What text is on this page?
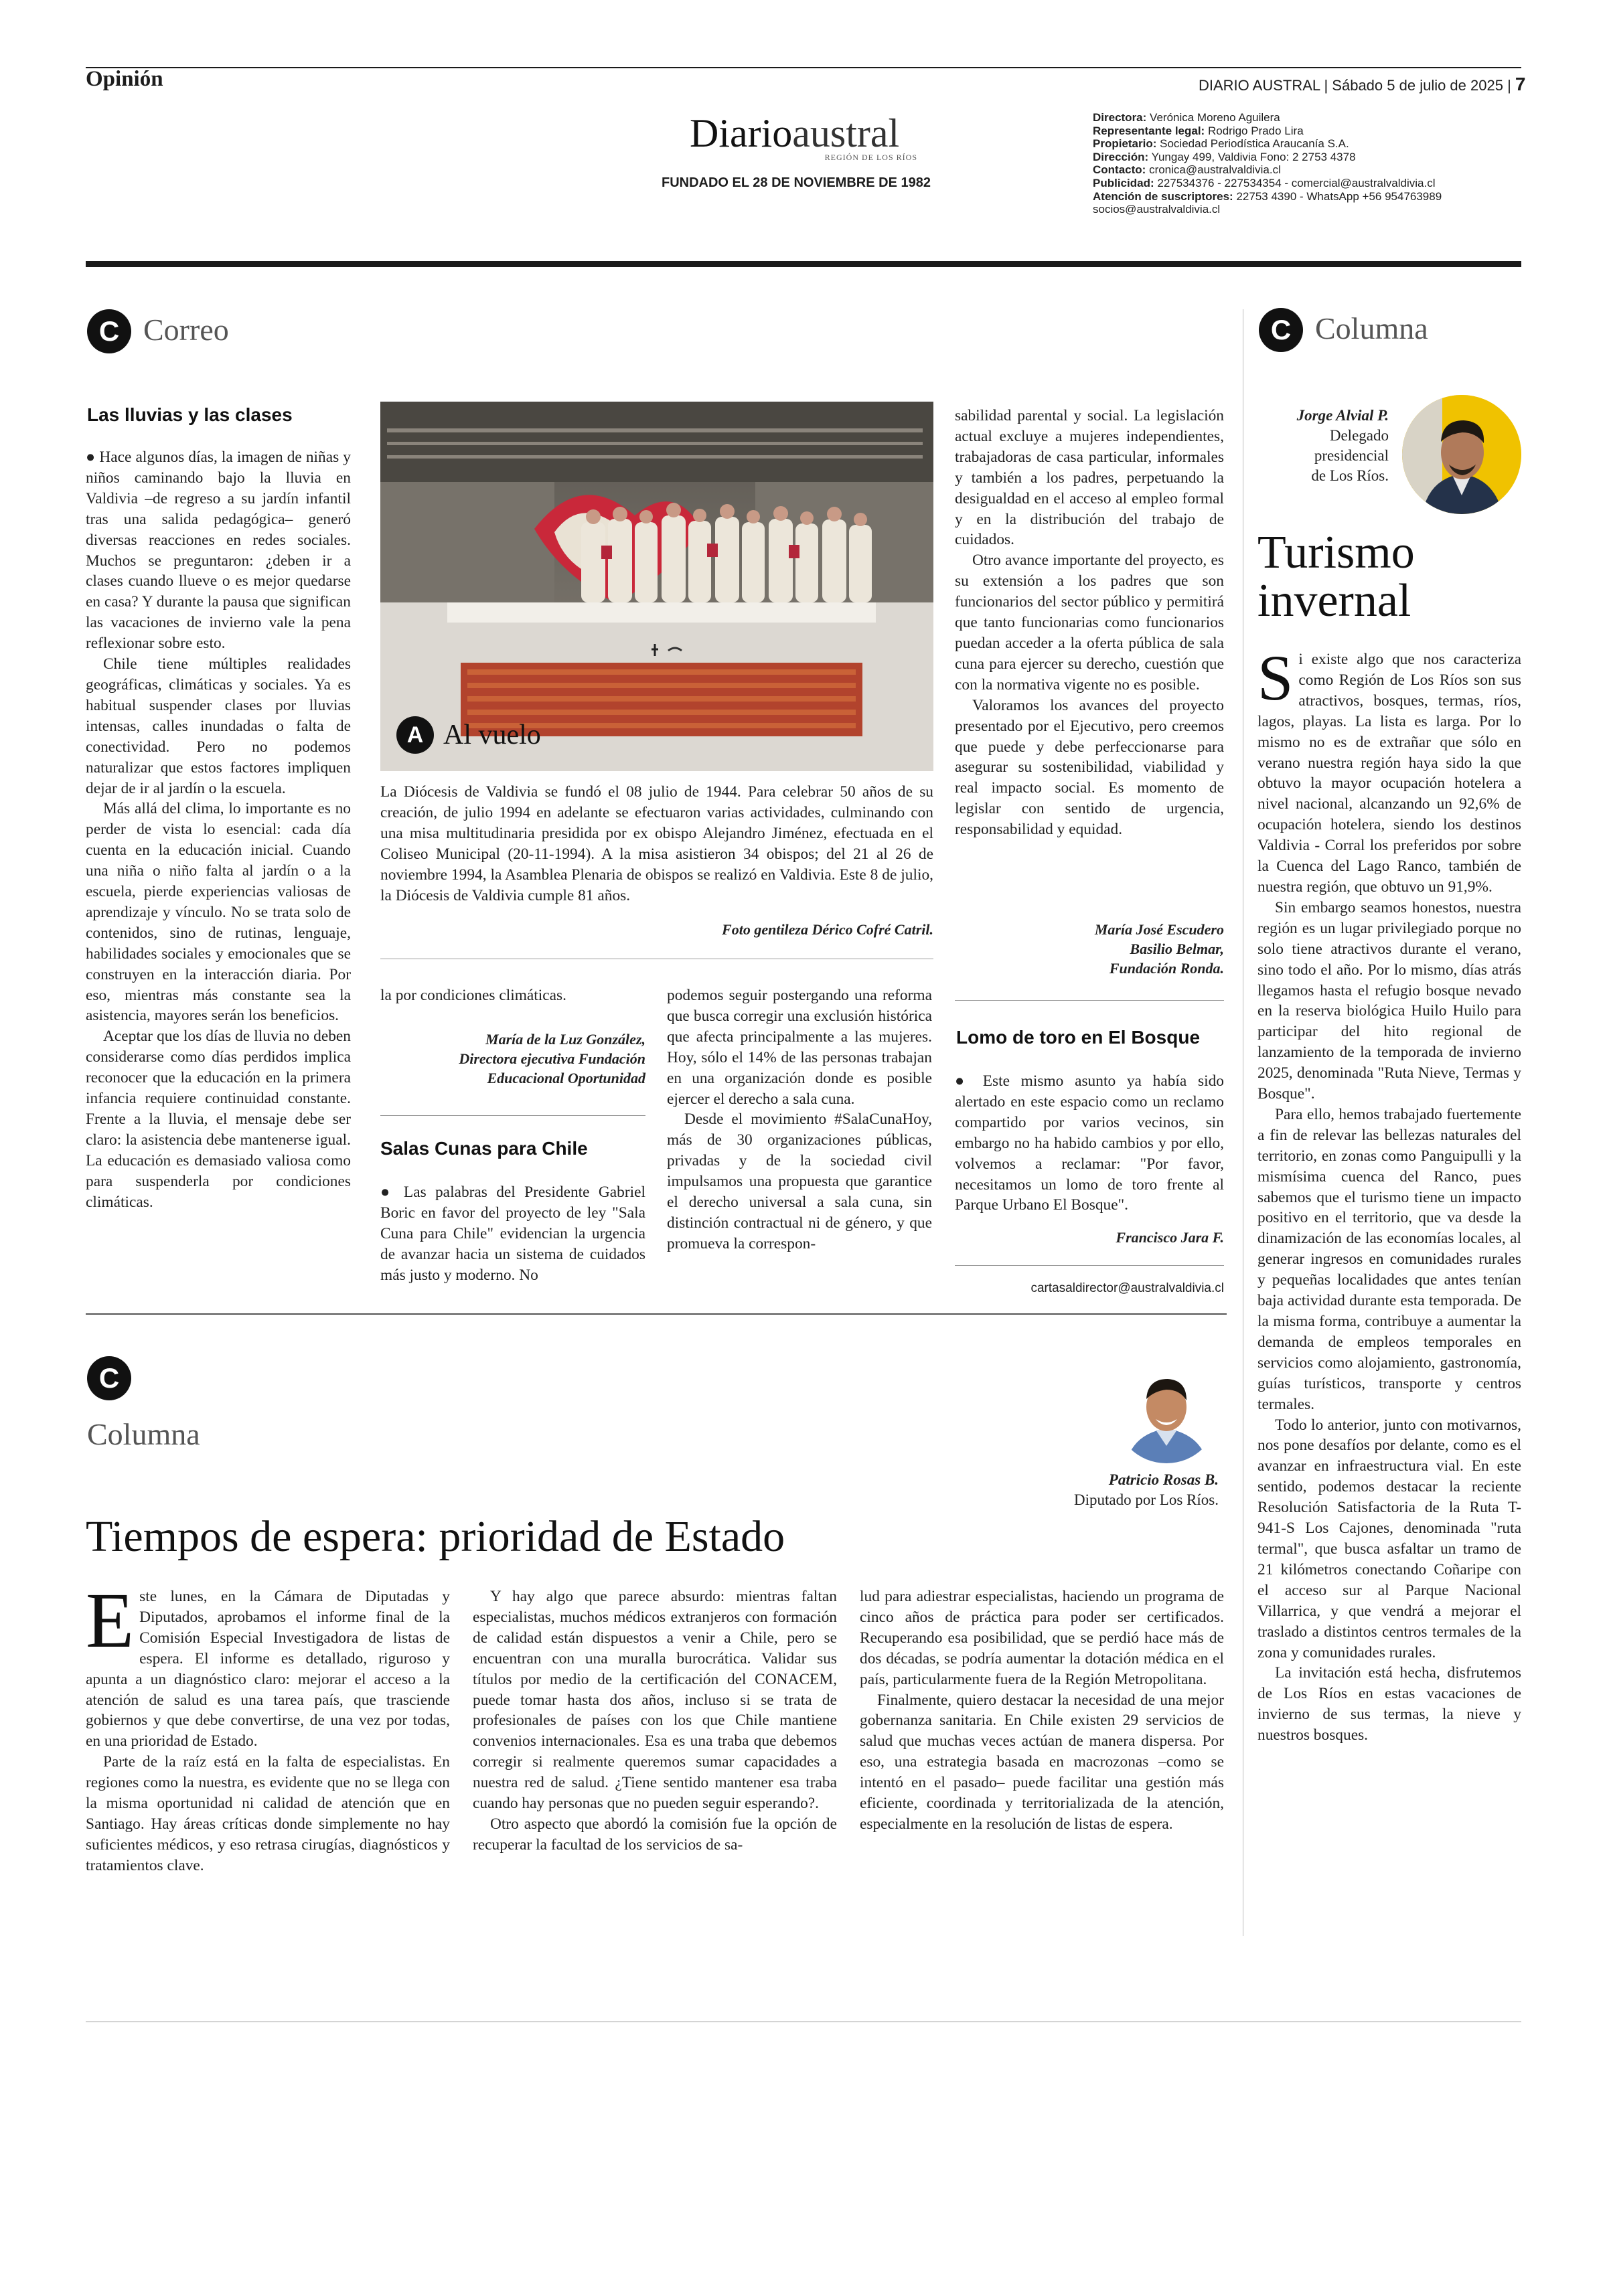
Opinión	DIARIO AUSTRAL | Sábado 5 de julio de 2025 | 7
Diarioaustral
REGIÓN DE LOS RÍOS
FUNDADO EL 28 DE NOVIEMBRE DE 1982
Directora: Verónica Moreno Aguilera
Representante legal: Rodrigo Prado Lira
Propietario: Sociedad Periodística Araucanía S.A.
Dirección: Yungay 499, Valdivia Fono: 2 2753 4378
Contacto: cronica@australvaldivia.cl
Publicidad: 227534376 - 227534354 - comercial@australvaldivia.cl
Atención de suscriptores: 22753 4390 - WhatsApp +56 954763989
socios@australvaldivia.cl
C Correo
Las lluvias y las clases

● Hace algunos días, la imagen de niñas y niños caminando bajo la lluvia en Valdivia –de regreso a su jardín infantil tras una salida pedagógica– generó diversas reacciones en redes sociales. Muchos se preguntaron: ¿deben ir a clases cuando llueve o es mejor quedarse en casa? Y durante la pausa que significan las vacaciones de invierno vale la pena reflexionar sobre esto.

Chile tiene múltiples realidades geográficas, climáticas y sociales. Ya es habitual suspender clases por lluvias intensas, calles inundadas o falta de conectividad. Pero no podemos naturalizar que estos factores impliquen dejar de ir al jardín o la escuela.

Más allá del clima, lo importante es no perder de vista lo esencial: cada día cuenta en la educación inicial. Cuando una niña o niño falta al jardín o a la escuela, pierde experiencias valiosas de aprendizaje y vínculo. No se trata solo de contenidos, sino de rutinas, lenguaje, habilidades sociales y emocionales que se construyen en la interacción diaria. Por eso, mientras más constante sea la asistencia, mayores serán los beneficios.

Aceptar que los días de lluvia no deben considerarse como días perdidos implica reconocer que la educación en la primera infancia requiere continuidad constante. Frente a la lluvia, el mensaje debe ser claro: la asistencia debe mantenerse igual. La educación es demasiado valiosa como para suspenderla por condiciones climáticas.

A Al vuelo

La Diócesis de Valdivia se fundó el 08 julio de 1944. Para celebrar 50 años de su creación, de julio 1994 en adelante se efectuaron varias actividades, culminando con una misa multitudinaria presidida por ex obispo Alejandro Jiménez, efectuada en el Coliseo Municipal (20-11-1994). A la misa asistieron 34 obispos; del 21 al 26 de noviembre 1994, la Asamblea Plenaria de obispos se realizó en Valdivia. Este 8 de julio, la Diócesis de Valdivia cumple 81 años.

Foto gentileza Dérico Cofré Catril.

la por condiciones climáticas.

María de la Luz González,
Directora ejecutiva Fundación
Educacional Oportunidad
Salas Cunas para Chile

● Las palabras del Presidente Gabriel Boric en favor del proyecto de ley "Sala Cuna para Chile" evidencian la urgencia de avanzar hacia un sistema de cuidados más justo y moderno. No

podemos seguir postergando una reforma que busca corregir una exclusión histórica que afecta principalmente a las mujeres. Hoy, sólo el 14% de las personas trabajan en una organización donde es posible ejercer el derecho a sala cuna.

Desde el movimiento #SalaCunaHoy, más de 30 organizaciones públicas, privadas y de la sociedad civil impulsamos una propuesta que garantice el derecho universal a sala cuna, sin distinción contractual ni de género, y que promueva la correspon-

sabilidad parental y social. La legislación actual excluye a mujeres independientes, trabajadoras de casa particular, informales y también a los padres, perpetuando la desigualdad en el acceso al empleo formal y en la distribución del trabajo de cuidados.

Otro avance importante del proyecto, es su extensión a los padres que son funcionarios del sector público y permitirá que tanto funcionarias como funcionarios puedan acceder a la oferta pública de sala cuna para ejercer su derecho, cuestión que con la normativa vigente no es posible.

Valoramos los avances del proyecto presentado por el Ejecutivo, pero creemos que puede y debe perfeccionarse para asegurar su sostenibilidad, viabilidad y real impacto social. Es momento de legislar con sentido de urgencia, responsabilidad y equidad.

María José Escudero
Basilio Belmar,
Fundación Ronda.
Lomo de toro en El Bosque

● Este mismo asunto ya había sido alertado en este espacio como un reclamo compartido por varios vecinos, sin embargo no ha habido cambios y por ello, volvemos a reclamar: "Por favor, necesitamos un lomo de toro frente al Parque Urbano El Bosque".

Francisco Jara F.
cartasaldirector@australvaldivia.cl
C Columna
Jorge Alvial P.
Delegado
presidencial
de Los Ríos.
Turismo
invernal

Si existe algo que nos caracteriza como Región de Los Ríos son sus atractivos, bosques, termas, ríos, lagos, playas. La lista es larga. Por lo mismo no es de extrañar que sólo en verano nuestra región haya sido la que obtuvo la mayor ocupación hotelera a nivel nacional, alcanzando un 92,6% de ocupación hotelera, siendo los destinos Valdivia - Corral los preferidos por sobre la Cuenca del Lago Ranco, también de nuestra región, que obtuvo un 91,9%.

Sin embargo seamos honestos, nuestra región es un lugar privilegiado porque no solo tiene atractivos durante el verano, sino todo el año. Por lo mismo, días atrás llegamos hasta el refugio bosque nevado en la reserva biológica Huilo Huilo para participar del hito regional de lanzamiento de la temporada de invierno 2025, denominada "Ruta Nieve, Termas y Bosque".

Para ello, hemos trabajado fuertemente a fin de relevar las bellezas naturales del territorio, en zonas como Panguipulli y la mismísima cuenca del Ranco, pues sabemos que el turismo tiene un impacto positivo en el territorio, que va desde la dinamización de las economías locales, al generar ingresos en comunidades rurales y pequeñas localidades que antes tenían baja actividad durante esta temporada. De la misma forma, contribuye a aumentar la demanda de empleos temporales en servicios como alojamiento, gastronomía, guías turísticos, transporte y centros termales.

Todo lo anterior, junto con motivarnos, nos pone desafíos por delante, como es el avanzar en infraestructura vial. En este sentido, podemos destacar la reciente Resolución Satisfactoria de la Ruta T-941-S Los Cajones, denominada "ruta termal", que busca asfaltar un tramo de 21 kilómetros conectando Coñaripe con el acceso sur al Parque Nacional Villarrica, y que vendrá a mejorar el traslado a distintos centros termales de la zona y comunidades rurales.

La invitación está hecha, disfrutemos de Los Ríos en estas vacaciones de invierno de sus termas, la nieve y nuestros bosques.

C
Columna
Patricio Rosas B.
Diputado por Los Ríos.
Tiempos de espera: prioridad de Estado

Este lunes, en la Cámara de Diputadas y Diputados, aprobamos el informe final de la Comisión Especial Investigadora de listas de espera. El informe es detallado, riguroso y apunta a un diagnóstico claro: mejorar el acceso a la atención de salud es una tarea país, que trasciende gobiernos y que debe convertirse, de una vez por todas, en una prioridad de Estado.

Parte de la raíz está en la falta de especialistas. En regiones como la nuestra, es evidente que no se llega con la misma oportunidad ni calidad de atención que en Santiago. Hay áreas críticas donde simplemente no hay suficientes médicos, y eso retrasa cirugías, diagnósticos y tratamientos clave.

Y hay algo que parece absurdo: mientras faltan especialistas, muchos médicos extranjeros con formación de calidad están dispuestos a venir a Chile, pero se encuentran con una muralla burocrática. Validar sus títulos por medio de la certificación del CONACEM, puede tomar hasta dos años, incluso si se trata de profesionales de países con los que Chile mantiene convenios internacionales. Esa es una traba que debemos corregir si realmente queremos sumar capacidades a nuestra red de salud. ¿Tiene sentido mantener esa traba cuando hay personas que no pueden seguir esperando?.

Otro aspecto que abordó la comisión fue la opción de recuperar la facultad de los servicios de sa-

lud para adiestrar especialistas, haciendo un programa de cinco años de práctica para poder ser certificados. Recuperando esa posibilidad, que se perdió hace más de dos décadas, se podría aumentar la dotación médica en el país, particularmente fuera de la Región Metropolitana.

Finalmente, quiero destacar la necesidad de una mejor gobernanza sanitaria. En Chile existen 29 servicios de salud que muchas veces actúan de manera dispersa. Por eso, una estrategia basada en macrozonas –como se intentó en el pasado– puede facilitar una gestión más eficiente, coordinada y territorializada de la atención, especialmente en la resolución de listas de espera.
